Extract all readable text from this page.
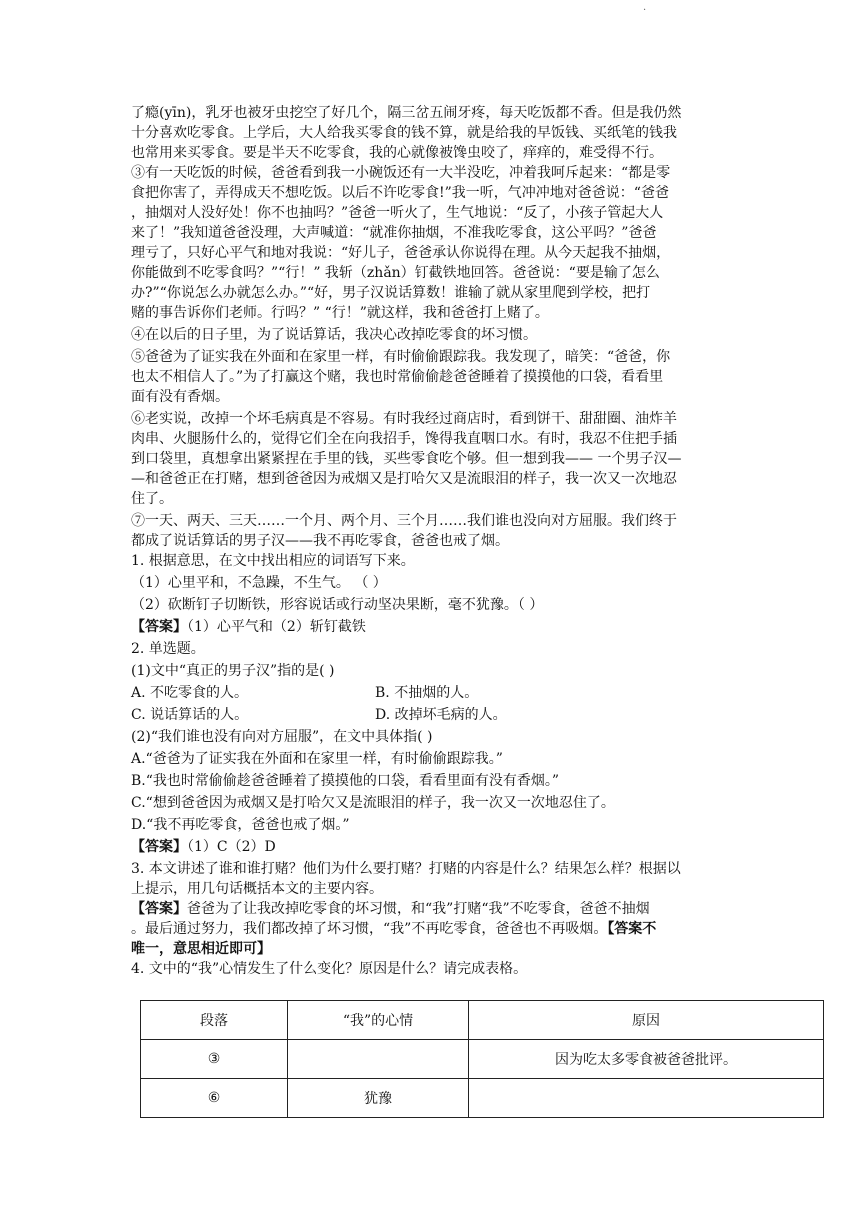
·

了瘾(yīn)，乳牙也被牙虫挖空了好几个，隔三岔五闹牙疼，每天吃饭都不香。但是我仍然

十分喜欢吃零食。上学后，大人给我买零食的钱不算，就是给我的早饭钱、买纸笔的钱我

也常用来买零食。要是半天不吃零食，我的心就像被馋虫咬了，痒痒的，难受得不行。

③有一天吃饭的时候，爸爸看到我一小碗饭还有一大半没吃，冲着我呵斥起来：“都是零

食把你害了，弄得成天不想吃饭。以后不许吃零食!”我一听，气冲冲地对爸爸说：“爸爸

，抽烟对人没好处！你不也抽吗？”爸爸一听火了，生气地说：“反了，小孩子管起大人

来了！”我知道爸爸没理，大声喊道：“就准你抽烟，不准我吃零食，这公平吗？”爸爸

理亏了，只好心平气和地对我说：“好儿子，爸爸承认你说得在理。从今天起我不抽烟，

你能做到不吃零食吗？”“行！” 我斩（zhǎn）钉截铁地回答。爸爸说：“要是输了怎么

办?”“你说怎么办就怎么办。”“好，男子汉说话算数！谁输了就从家里爬到学校，把打

赌的事告诉你们老师。行吗？” “行！”就这样，我和爸爸打上赌了。

④在以后的日子里，为了说话算话，我决心改掉吃零食的坏习惯。

⑤爸爸为了证实我在外面和在家里一样，有时偷偷跟踪我。我发现了，暗笑：“爸爸，你

也太不相信人了。”为了打赢这个赌，我也时常偷偷趁爸爸睡着了摸摸他的口袋，看看里

面有没有香烟。

⑥老实说，改掉一个坏毛病真是不容易。有时我经过商店时，看到饼干、甜甜圈、油炸羊

肉串、火腿肠什么的，觉得它们全在向我招手，馋得我直咽口水。有时，我忍不住把手插

到口袋里，真想拿出紧紧捏在手里的钱，买些零食吃个够。但一想到我—— 一个男子汉—

—和爸爸正在打赌，想到爸爸因为戒烟又是打哈欠又是流眼泪的样子，我一次又一次地忍

住了。

⑦一天、两天、三天……一个月、两个月、三个月……我们谁也没向对方屈服。我们终于

都成了说话算话的男子汉——我不再吃零食，爸爸也戒了烟。

1. 根据意思，在文中找出相应的词语写下来。

（1）心里平和，不急躁，不生气。 （ ）

（2）砍断钉子切断铁，形容说话或行动坚决果断，毫不犹豫。（ ）

【答案】（1）心平气和（2）斩钉截铁

2. 单选题。

(1)文中“真正的男子汉”指的是( )

A. 不吃零食的人。	B. 不抽烟的人。

C. 说话算话的人。	D. 改掉坏毛病的人。

(2)“我们谁也没有向对方屈服”，在文中具体指( )

A.“爸爸为了证实我在外面和在家里一样，有时偷偷跟踪我。”

B.“我也时常偷偷趁爸爸睡着了摸摸他的口袋，看看里面有没有香烟。”

C.“想到爸爸因为戒烟又是打哈欠又是流眼泪的样子，我一次又一次地忍住了。

D.“我不再吃零食，爸爸也戒了烟。”

【答案】（1）C（2）D

3. 本文讲述了谁和谁打赌？他们为什么要打赌？打赌的内容是什么？结果怎么样？根据以

上提示，用几句话概括本文的主要内容。

【答案】爸爸为了让我改掉吃零食的坏习惯，和“我”打赌“我”不吃零食，爸爸不抽烟

。最后通过努力，我们都改掉了坏习惯，“我”不再吃零食，爸爸也不再吸烟。【答案不

唯一，意思相近即可】

4. 文中的“我”心情发生了什么变化？原因是什么？请完成表格。

段落	“我”的心情	原因
③		因为吃太多零食被爸爸批评。
⑥	犹豫	
